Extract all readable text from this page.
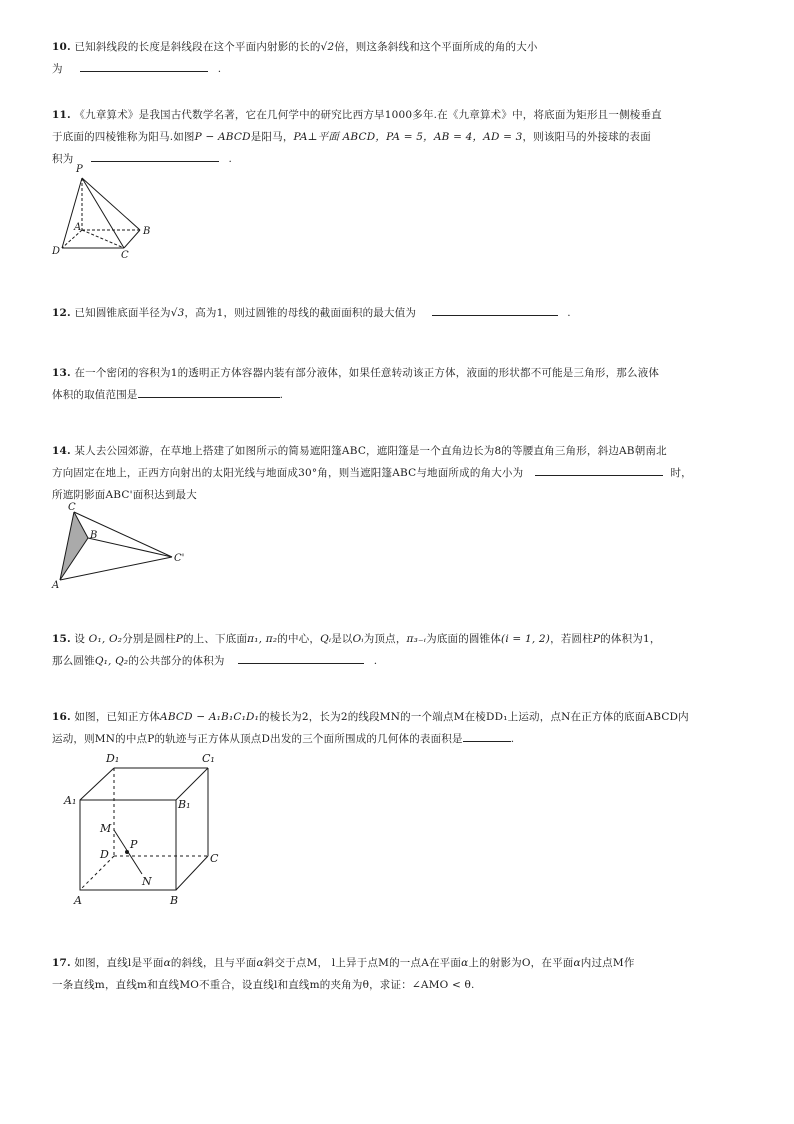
10. 已知斜线段的长度是斜线段在这个平面内射影的长的√2倍，则这条斜线和这个平面所成的角的大小
为	.
11. 《九章算术》是我国古代数学名著，它在几何学中的研究比西方早1000多年.在《九章算术》中，将底面为矩形且一侧棱垂直
于底面的四棱锥称为阳马.如图P − ABCD是阳马，PA⊥平面 ABCD，PA = 5，AB = 4，AD = 3，则该阳马的外接球的表面
积为	.
P
A	B
C
D
12. 已知圆锥底面半径为√3，高为1，则过圆锥的母线的截面面积的最大值为	.
13. 在一个密闭的容积为1的透明正方体容器内装有部分液体，如果任意转动该正方体，液面的形状都不可能是三角形，那么液体
体积的取值范围是	.
14. 某人去公园郊游，在草地上搭建了如图所示的简易遮阳篷ABC，遮阳篷是一个直角边长为8的等腰直角三角形，斜边AB朝南北
方向固定在地上，正西方向射出的太阳光线与地面成30°角，则当遮阳篷ABC与地面所成的角大小为	时，
所遮阴影面ABC'面积达到最大
C
B
A
C'
15. 设 O₁, O₂分别是圆柱P的上、下底面π₁, π₂的中心，Qᵢ是以Oᵢ为顶点，π₃₋ᵢ为底面的圆锥体(i = 1, 2)，若圆柱P的体积为1，
那么圆锥Q₁, Q₂的公共部分的体积为	.
16. 如图，已知正方体ABCD − A₁B₁C₁D₁的棱长为2，长为2的线段MN的一个端点M在棱DD₁上运动，点N在正方体的底面ABCD内
运动，则MN的中点P的轨迹与正方体从顶点D出发的三个面所围成的几何体的表面积是	.
D₁	C₁
A₁	B₁
M
P
D	C
N
A	B
17. 如图，直线l是平面α的斜线，且与平面α斜交于点M， l上异于点M的一点A在平面α上的射影为O，在平面α内过点M作
一条直线m，直线m和直线MO不重合，设直线l和直线m的夹角为θ，求证：∠AMO < θ.
